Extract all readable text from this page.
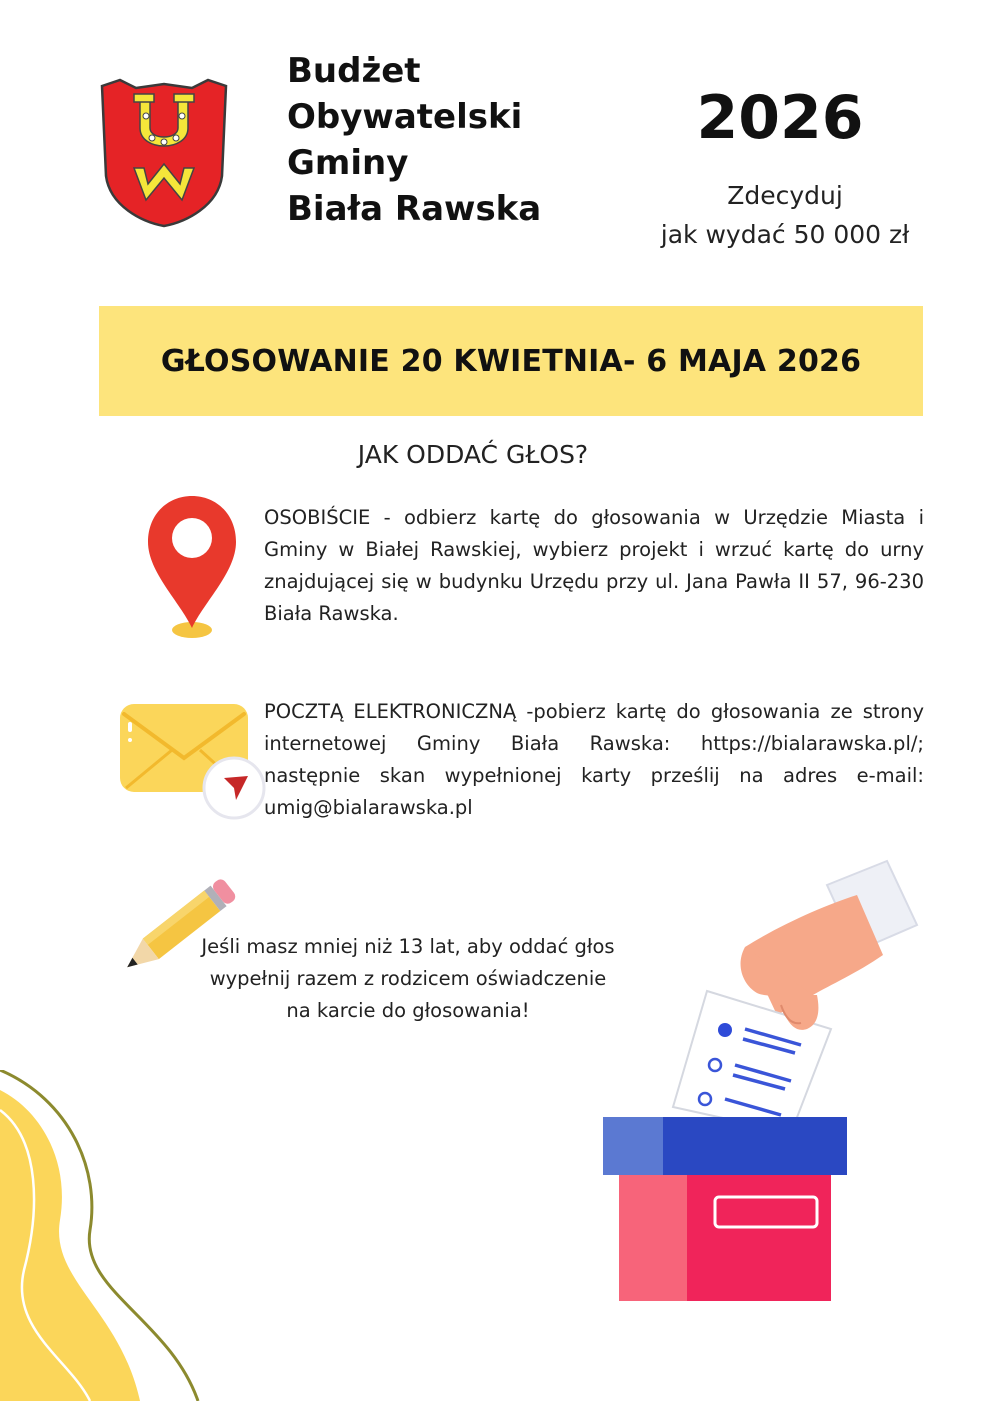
Budżet
Obywatelski
Gminy
Biała Rawska
2026
Zdecyduj
jak wydać 50 000 zł
GŁOSOWANIE 20 KWIETNIA- 6 MAJA 2026
JAK ODDAĆ GŁOS?
OSOBIŚCIE - odbierz kartę do głosowania w Urzędzie Miasta i Gminy w Białej Rawskiej, wybierz projekt i wrzuć kartę do urny znajdującej się w budynku Urzędu przy ul. Jana Pawła II 57, 96-230 Biała Rawska.
POCZTĄ ELEKTRONICZNĄ -pobierz kartę do głosowania ze strony internetowej Gminy Biała Rawska: https://bialarawska.pl/; następnie skan wypełnionej karty prześlij na adres e-mail: umig@bialarawska.pl
Jeśli masz mniej niż 13 lat, aby oddać głos wypełnij razem z rodzicem oświadczenie na karcie do głosowania!
